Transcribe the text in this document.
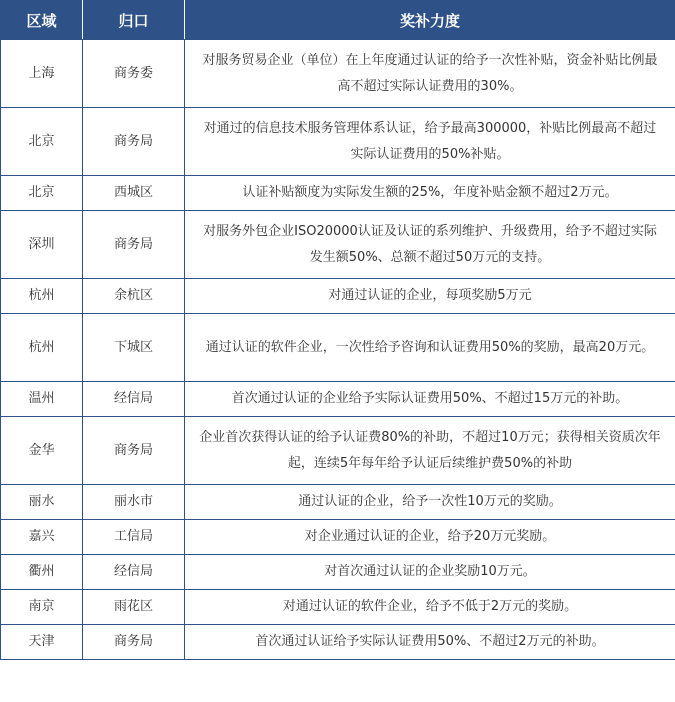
区域	归口	奖补力度
上海	商务委	对服务贸易企业（单位）在上年度通过认证的给予一次性补贴，资金补贴比例最高不超过实际认证费用的30%。
北京	商务局	对通过的信息技术服务管理体系认证，给予最高300000，补贴比例最高不超过实际认证费用的50%补贴。
北京	西城区	认证补贴额度为实际发生额的25%，年度补贴金额不超过2万元。
深圳	商务局	对服务外包企业ISO20000认证及认证的系列维护、升级费用，给予不超过实际发生额50%、总额不超过50万元的支持。
杭州	余杭区	对通过认证的企业，每项奖励5万元
杭州	下城区	通过认证的软件企业，一次性给予咨询和认证费用50%的奖励，最高20万元。
温州	经信局	首次通过认证的企业给予实际认证费用50%、不超过15万元的补助。
金华	商务局	企业首次获得认证的给予认证费80%的补助，不超过10万元；获得相关资质次年起，连续5年每年给予认证后续维护费50%的补助
丽水	丽水市	通过认证的企业，给予一次性10万元的奖励。
嘉兴	工信局	对企业通过认证的企业，给予20万元奖励。
衢州	经信局	对首次通过认证的企业奖励10万元。
南京	雨花区	对通过认证的软件企业，给予不低于2万元的奖励。
天津	商务局	首次通过认证给予实际认证费用50%、不超过2万元的补助。
